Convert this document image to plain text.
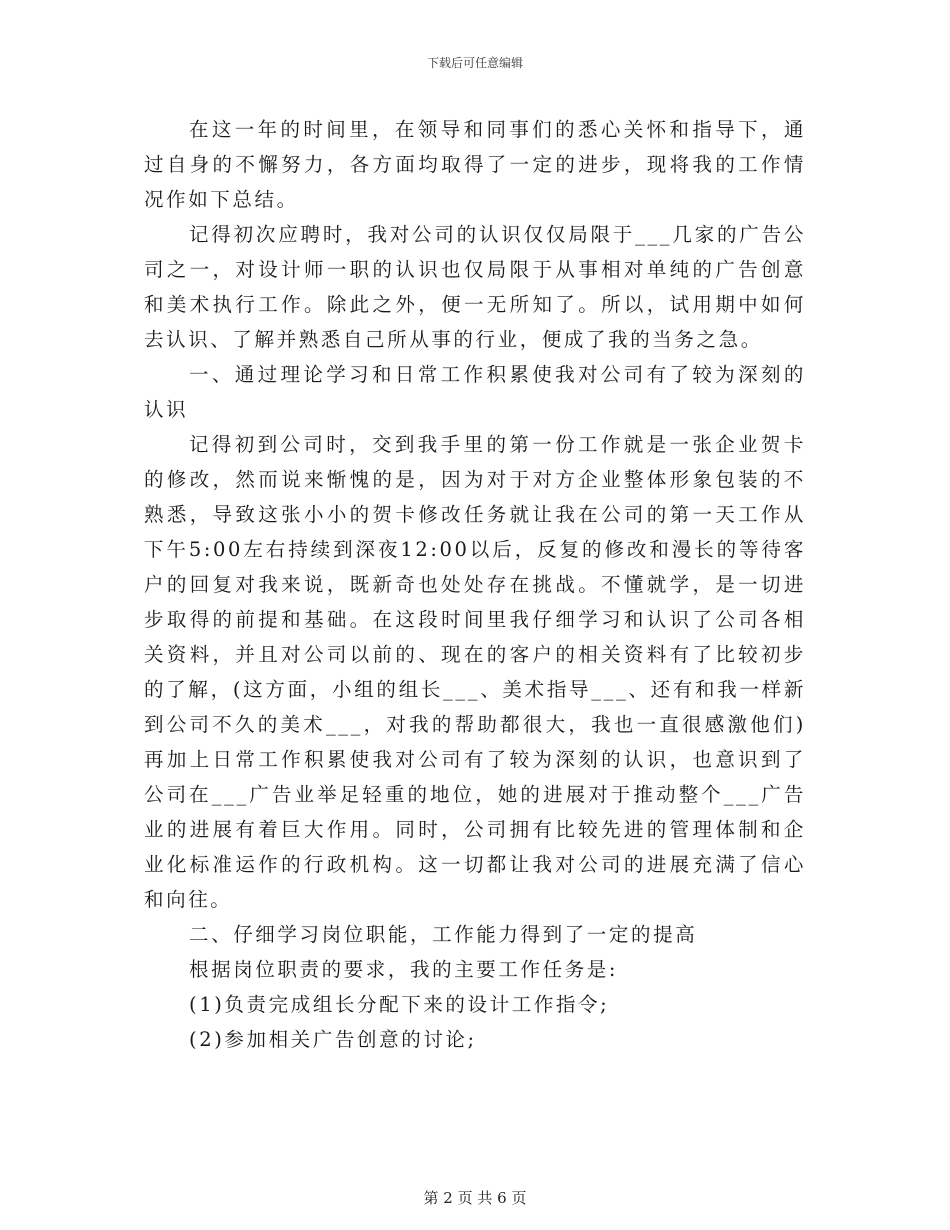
下载后可任意编辑

在这一年的时间里，在领导和同事们的悉心关怀和指导下，通过自身的不懈努力，各方面均取得了一定的进步，现将我的工作情况作如下总结。

记得初次应聘时，我对公司的认识仅仅局限于___几家的广告公司之一，对设计师一职的认识也仅局限于从事相对单纯的广告创意和美术执行工作。除此之外，便一无所知了。所以，试用期中如何去认识、了解并熟悉自己所从事的行业，便成了我的当务之急。

一、通过理论学习和日常工作积累使我对公司有了较为深刻的认识

记得初到公司时，交到我手里的第一份工作就是一张企业贺卡的修改，然而说来惭愧的是，因为对于对方企业整体形象包装的不熟悉，导致这张小小的贺卡修改任务就让我在公司的第一天工作从下午5:00左右持续到深夜12:00以后，反复的修改和漫长的等待客户的回复对我来说，既新奇也处处存在挑战。不懂就学，是一切进步取得的前提和基础。在这段时间里我仔细学习和认识了公司各相关资料，并且对公司以前的、现在的客户的相关资料有了比较初步的了解，(这方面，小组的组长___、美术指导___、还有和我一样新到公司不久的美术___，对我的帮助都很大，我也一直很感激他们)再加上日常工作积累使我对公司有了较为深刻的认识，也意识到了公司在___广告业举足轻重的地位，她的进展对于推动整个___广告业的进展有着巨大作用。同时，公司拥有比较先进的管理体制和企业化标准运作的行政机构。这一切都让我对公司的进展充满了信心和向往。

二、仔细学习岗位职能，工作能力得到了一定的提高

根据岗位职责的要求，我的主要工作任务是:

(1)负责完成组长分配下来的设计工作指令;

(2)参加相关广告创意的讨论;

第 2 页 共 6 页
